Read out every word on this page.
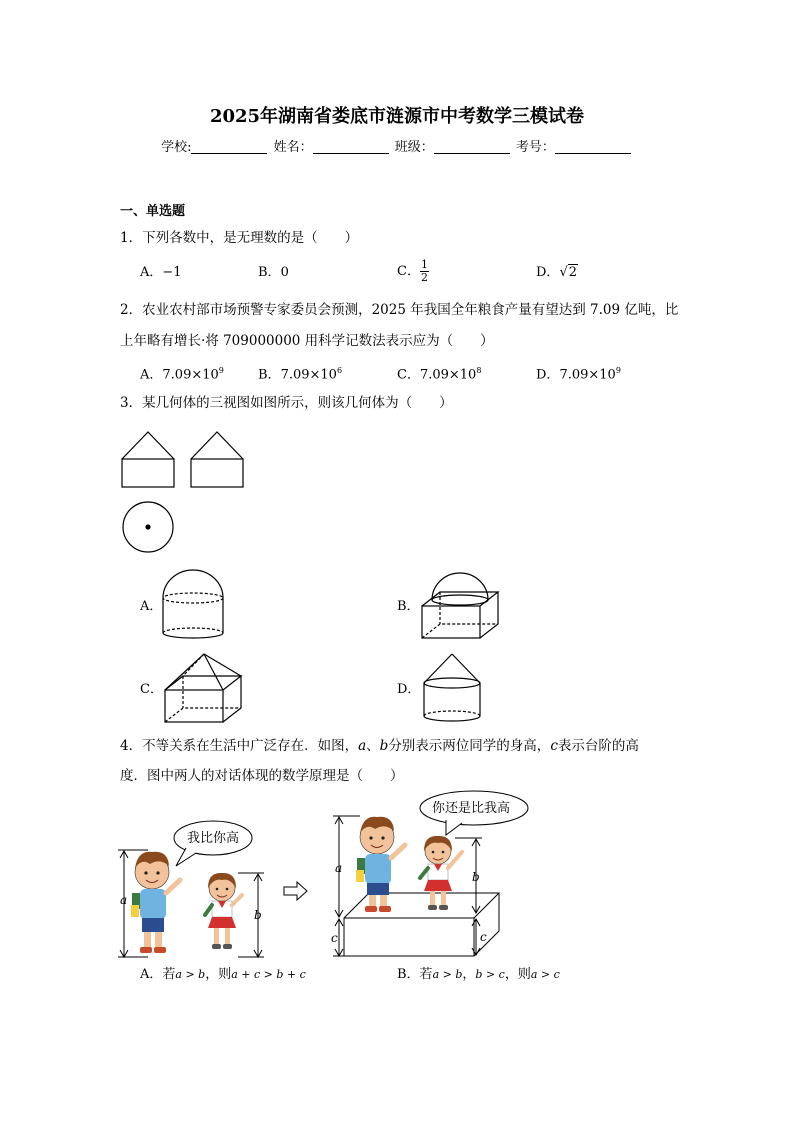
2025年湖南省娄底市涟源市中考数学三模试卷
学校:	姓名：	班级：	考号：
一、单选题
1．下列各数中，是无理数的是（　　）
A．−1	B．0	C． $\frac{1}{2}$	D．√2
2．农业农村部市场预警专家委员会预测，2025 年我国全年粮食产量有望达到 7.09 亿吨，比
上年略有增长·将 709000000 用科学记数法表示应为（　　）
A．$7.09\times 10^9$	B．$7.09\times 10^6$	C．$7.09\times 10^8$	D．$7.09\times 10^9$
3．某几何体的三视图如图所示，则该几何体为（　　）
A．	B．
C．	D．
4．不等关系在生活中广泛存在．如图，a、b分别表示两位同学的身高，c表示台阶的高
度．图中两人的对话体现的数学原理是（　　）
我比你高
你还是比我高
a
b
a
c
b
c
A．若a > b，则a + c > b + c	B．若a > b，b > c，则a > c
